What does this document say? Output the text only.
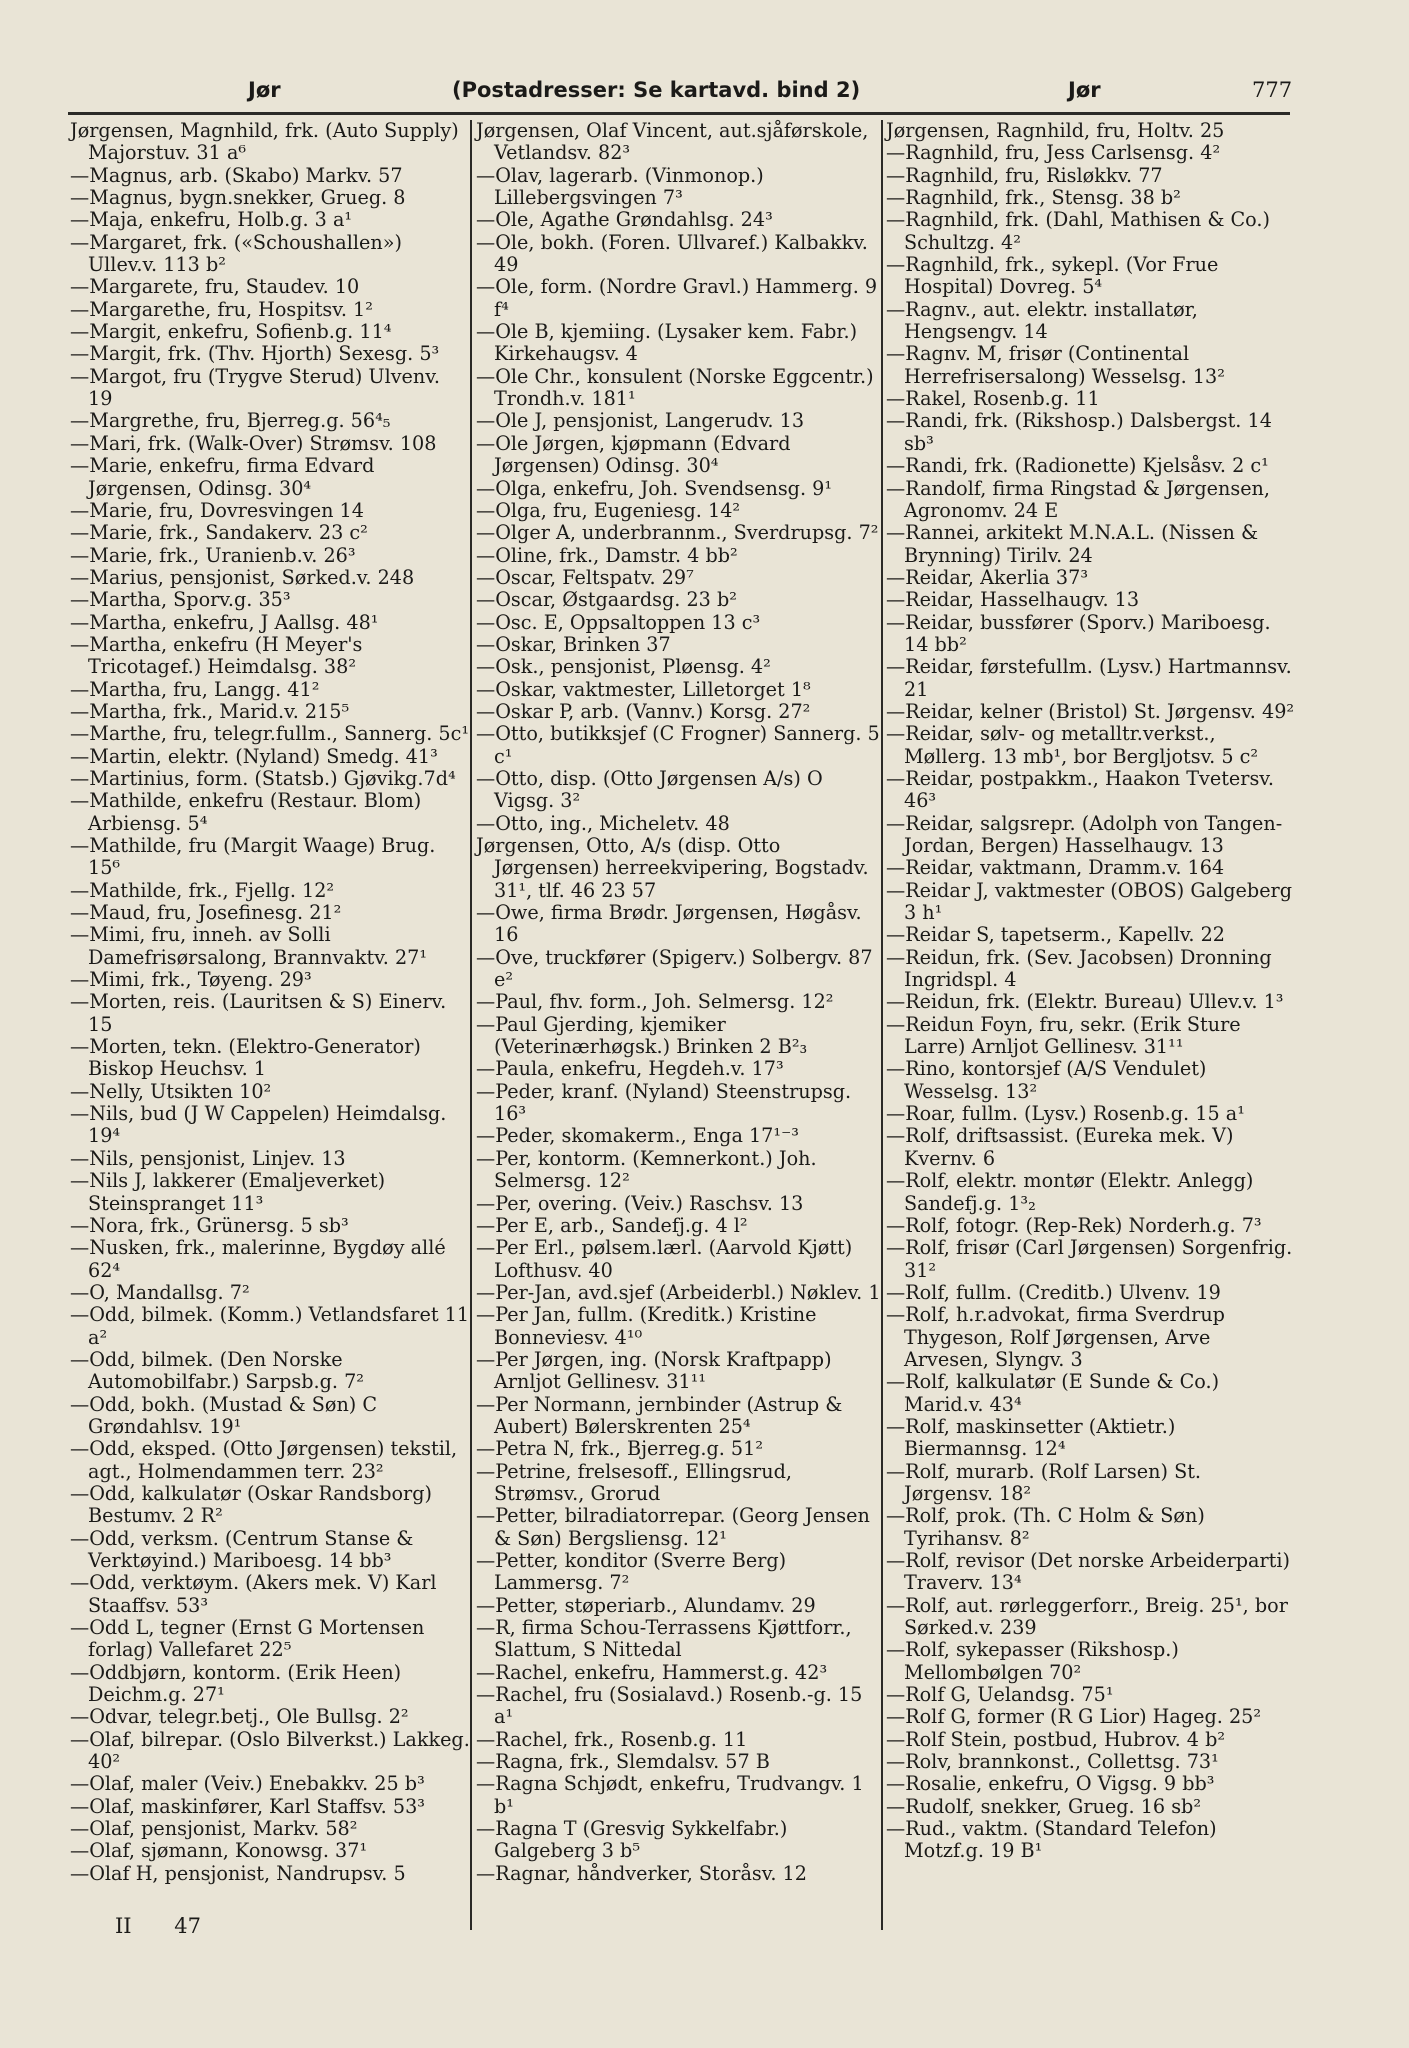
Jør	(Postadresser: Se kartavd. bind 2)	Jør	777
Jørgensen, Magnhild, frk. (Auto Supply) Majorstuv. 31 a⁶
—Magnus, arb. (Skabo) Markv. 57
—Magnus, bygn.snekker, Grueg. 8
—Maja, enkefru, Holb.g. 3 a¹
—Margaret, frk. («Schoushallen») Ullev.v. 113 b²
—Margarete, fru, Staudev. 10
—Margarethe, fru, Hospitsv. 1²
—Margit, enkefru, Sofienb.g. 11⁴
—Margit, frk. (Thv. Hjorth) Sexesg. 5³
—Margot, fru (Trygve Sterud) Ulvenv. 19
—Margrethe, fru, Bjerreg.g. 56⁴₅
—Mari, frk. (Walk-Over) Strømsv. 108
—Marie, enkefru, firma Edvard Jørgensen, Odinsg. 30⁴
—Marie, fru, Dovresvingen 14
—Marie, frk., Sandakerv. 23 c²
—Marie, frk., Uranienb.v. 26³
—Marius, pensjonist, Sørked.v. 248
—Martha, Sporv.g. 35³
—Martha, enkefru, J Aallsg. 48¹
—Martha, enkefru (H Meyer's Tricotagef.) Heimdalsg. 38²
—Martha, fru, Langg. 41²
—Martha, frk., Marid.v. 215⁵
—Marthe, fru, telegr.fullm., Sannerg. 5c¹
—Martin, elektr. (Nyland) Smedg. 41³
—Martinius, form. (Statsb.) Gjøvikg.7d⁴
—Mathilde, enkefru (Restaur. Blom) Arbiensg. 5⁴
—Mathilde, fru (Margit Waage) Brug. 15⁶
—Mathilde, frk., Fjellg. 12²
—Maud, fru, Josefinesg. 21²
—Mimi, fru, inneh. av Solli Damefrisørsalong, Brannvaktv. 27¹
—Mimi, frk., Tøyeng. 29³
—Morten, reis. (Lauritsen & S) Einerv. 15
—Morten, tekn. (Elektro-Generator) Biskop Heuchsv. 1
—Nelly, Utsikten 10²
—Nils, bud (J W Cappelen) Heimdalsg. 19⁴
—Nils, pensjonist, Linjev. 13
—Nils J, lakkerer (Emaljeverket) Steinspranget 11³
—Nora, frk., Grünersg. 5 sb³
—Nusken, frk., malerinne, Bygdøy allé 62⁴
—O, Mandallsg. 7²
—Odd, bilmek. (Komm.) Vetlandsfaret 11 a²
—Odd, bilmek. (Den Norske Automobilfabr.) Sarpsb.g. 7²
—Odd, bokh. (Mustad & Søn) C Grøndahlsv. 19¹
—Odd, eksped. (Otto Jørgensen) tekstil, agt., Holmendammen terr. 23²
—Odd, kalkulatør (Oskar Randsborg) Bestumv. 2 R²
—Odd, verksm. (Centrum Stanse & Verktøyind.) Mariboesg. 14 bb³
—Odd, verktøym. (Akers mek. V) Karl Staaffsv. 53³
—Odd L, tegner (Ernst G Mortensen forlag) Vallefaret 22⁵
—Oddbjørn, kontorm. (Erik Heen) Deichm.g. 27¹
—Odvar, telegr.betj., Ole Bullsg. 2²
—Olaf, bilrepar. (Oslo Bilverkst.) Lakkeg. 40²
—Olaf, maler (Veiv.) Enebakkv. 25 b³
—Olaf, maskinfører, Karl Staffsv. 53³
—Olaf, pensjonist, Markv. 58²
—Olaf, sjømann, Konowsg. 37¹
—Olaf H, pensjonist, Nandrupsv. 5
Jørgensen, Olaf Vincent, aut.sjåførskole, Vetlandsv. 82³
—Olav, lagerarb. (Vinmonop.) Lillebergsvingen 7³
—Ole, Agathe Grøndahlsg. 24³
—Ole, bokh. (Foren. Ullvaref.) Kalbakkv. 49
—Ole, form. (Nordre Gravl.) Hammerg. 9 f⁴
—Ole B, kjemiing. (Lysaker kem. Fabr.) Kirkehaugsv. 4
—Ole Chr., konsulent (Norske Eggcentr.) Trondh.v. 181¹
—Ole J, pensjonist, Langerudv. 13
—Ole Jørgen, kjøpmann (Edvard Jørgensen) Odinsg. 30⁴
—Olga, enkefru, Joh. Svendsensg. 9¹
—Olga, fru, Eugeniesg. 14²
—Olger A, underbrannm., Sverdrupsg. 7²
—Oline, frk., Damstr. 4 bb²
—Oscar, Feltspatv. 29⁷
—Oscar, Østgaardsg. 23 b²
—Osc. E, Oppsaltoppen 13 c³
—Oskar, Brinken 37
—Osk., pensjonist, Pløensg. 4²
—Oskar, vaktmester, Lilletorget 1⁸
—Oskar P, arb. (Vannv.) Korsg. 27²
—Otto, butikksjef (C Frogner) Sannerg. 5 c¹
—Otto, disp. (Otto Jørgensen A/s) O Vigsg. 3²
—Otto, ing., Micheletv. 48
Jørgensen, Otto, A/s (disp. Otto Jørgensen) herreekvipering, Bogstadv. 31¹, tlf. 46 23 57
—Owe, firma Brødr. Jørgensen, Høgåsv. 16
—Ove, truckfører (Spigerv.) Solbergv. 87 e²
—Paul, fhv. form., Joh. Selmersg. 12²
—Paul Gjerding, kjemiker (Veterinærhøgsk.) Brinken 2 B²₃
—Paula, enkefru, Hegdeh.v. 17³
—Peder, kranf. (Nyland) Steenstrupsg. 16³
—Peder, skomakerm., Enga 17¹⁻³
—Per, kontorm. (Kemnerkont.) Joh. Selmersg. 12²
—Per, overing. (Veiv.) Raschsv. 13
—Per E, arb., Sandefj.g. 4 l²
—Per Erl., pølsem.lærl. (Aarvold Kjøtt) Lofthusv. 40
—Per-Jan, avd.sjef (Arbeiderbl.) Nøklev. 1
—Per Jan, fullm. (Kreditk.) Kristine Bonneviesv. 4¹⁰
—Per Jørgen, ing. (Norsk Kraftpapp) Arnljot Gellinesv. 31¹¹
—Per Normann, jernbinder (Astrup & Aubert) Bølerskrenten 25⁴
—Petra N, frk., Bjerreg.g. 51²
—Petrine, frelsesoff., Ellingsrud, Strømsv., Grorud
—Petter, bilradiatorrepar. (Georg Jensen & Søn) Bergsliensg. 12¹
—Petter, konditor (Sverre Berg) Lammersg. 7²
—Petter, støperiarb., Alundamv. 29
—R, firma Schou-Terrassens Kjøttforr., Slattum, S Nittedal
—Rachel, enkefru, Hammerst.g. 42³
—Rachel, fru (Sosialavd.) Rosenb.-g. 15 a¹
—Rachel, frk., Rosenb.g. 11
—Ragna, frk., Slemdalsv. 57 B
—Ragna Schjødt, enkefru, Trudvangv. 1 b¹
—Ragna T (Gresvig Sykkelfabr.) Galgeberg 3 b⁵
—Ragnar, håndverker, Storåsv. 12
Jørgensen, Ragnhild, fru, Holtv. 25
—Ragnhild, fru, Jess Carlsensg. 4²
—Ragnhild, fru, Risløkkv. 77
—Ragnhild, frk., Stensg. 38 b²
—Ragnhild, frk. (Dahl, Mathisen & Co.) Schultzg. 4²
—Ragnhild, frk., sykepl. (Vor Frue Hospital) Dovreg. 5⁴
—Ragnv., aut. elektr. installatør, Hengsengv. 14
—Ragnv. M, frisør (Continental Herrefrisersalong) Wesselsg. 13²
—Rakel, Rosenb.g. 11
—Randi, frk. (Rikshosp.) Dalsbergst. 14 sb³
—Randi, frk. (Radionette) Kjelsåsv. 2 c¹
—Randolf, firma Ringstad & Jørgensen, Agronomv. 24 E
—Rannei, arkitekt M.N.A.L. (Nissen & Brynning) Tirilv. 24
—Reidar, Akerlia 37³
—Reidar, Hasselhaugv. 13
—Reidar, bussfører (Sporv.) Mariboesg. 14 bb²
—Reidar, førstefullm. (Lysv.) Hartmannsv. 21
—Reidar, kelner (Bristol) St. Jørgensv. 49²
—Reidar, sølv- og metalltr.verkst., Møllerg. 13 mb¹, bor Bergljotsv. 5 c²
—Reidar, postpakkm., Haakon Tvetersv. 46³
—Reidar, salgsrepr. (Adolph von Tangen-Jordan, Bergen) Hasselhaugv. 13
—Reidar, vaktmann, Dramm.v. 164
—Reidar J, vaktmester (OBOS) Galgeberg 3 h¹
—Reidar S, tapetserm., Kapellv. 22
—Reidun, frk. (Sev. Jacobsen) Dronning Ingridspl. 4
—Reidun, frk. (Elektr. Bureau) Ullev.v. 1³
—Reidun Foyn, fru, sekr. (Erik Sture Larre) Arnljot Gellinesv. 31¹¹
—Rino, kontorsjef (A/S Vendulet) Wesselsg. 13²
—Roar, fullm. (Lysv.) Rosenb.g. 15 a¹
—Rolf, driftsassist. (Eureka mek. V) Kvernv. 6
—Rolf, elektr. montør (Elektr. Anlegg) Sandefj.g. 1³₂
—Rolf, fotogr. (Rep-Rek) Norderh.g. 7³
—Rolf, frisør (Carl Jørgensen) Sorgenfrig. 31²
—Rolf, fullm. (Creditb.) Ulvenv. 19
—Rolf, h.r.advokat, firma Sverdrup Thygeson, Rolf Jørgensen, Arve Arvesen, Slyngv. 3
—Rolf, kalkulatør (E Sunde & Co.) Marid.v. 43⁴
—Rolf, maskinsetter (Aktietr.) Biermannsg. 12⁴
—Rolf, murarb. (Rolf Larsen) St. Jørgensv. 18²
—Rolf, prok. (Th. C Holm & Søn) Tyrihansv. 8²
—Rolf, revisor (Det norske Arbeiderparti) Traverv. 13⁴
—Rolf, aut. rørleggerforr., Breig. 25¹, bor Sørked.v. 239
—Rolf, sykepasser (Rikshosp.) Mellombølgen 70²
—Rolf G, Uelandsg. 75¹
—Rolf G, former (R G Lior) Hageg. 25²
—Rolf Stein, postbud, Hubrov. 4 b²
—Rolv, brannkonst., Collettsg. 73¹
—Rosalie, enkefru, O Vigsg. 9 bb³
—Rudolf, snekker, Grueg. 16 sb²
—Rud., vaktm. (Standard Telefon) Motzf.g. 19 B¹
II 47
